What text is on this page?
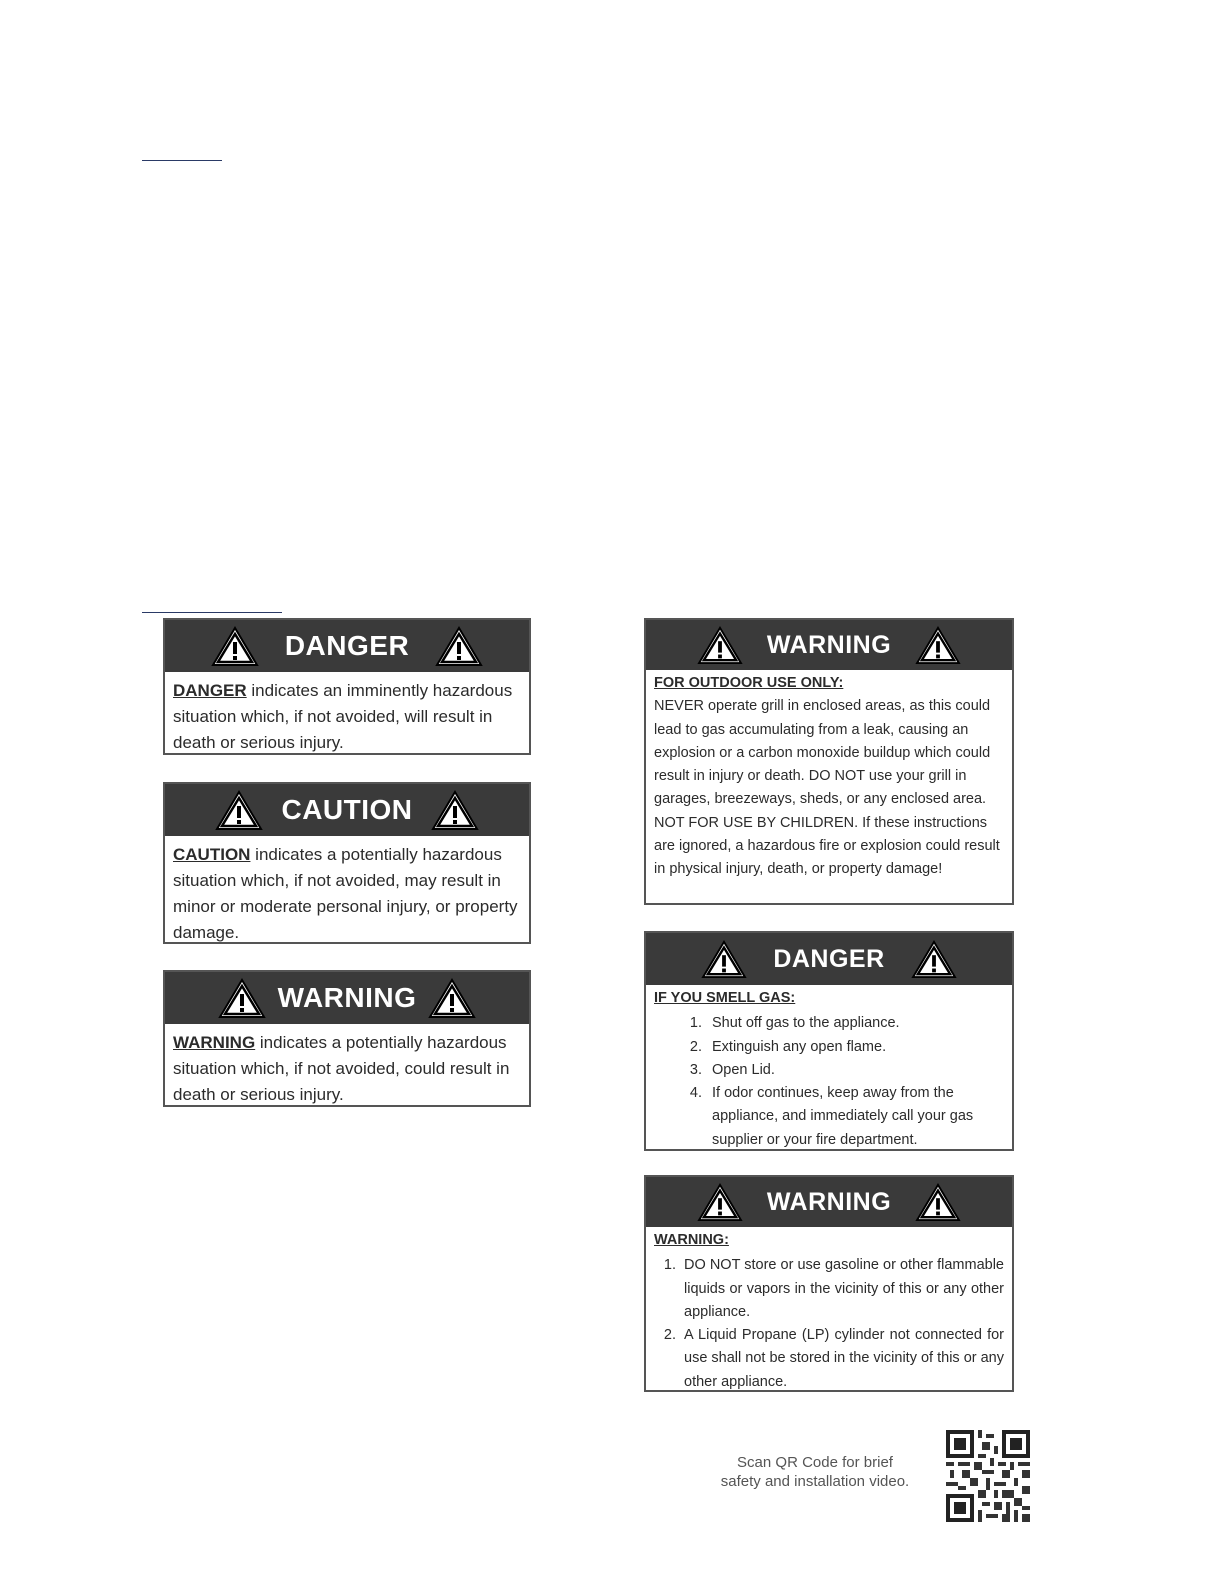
DANGER
DANGER indicates an imminently hazardous situation which, if not avoided, will result in death or serious injury.
CAUTION
CAUTION indicates a potentially hazardous situation which, if not avoided, may result in minor or moderate personal injury, or property damage.
WARNING
WARNING indicates a potentially hazardous situation which, if not avoided, could result in death or serious injury.
WARNING
FOR OUTDOOR USE ONLY:
NEVER operate grill in enclosed areas, as this could lead to gas accumulating from a leak, causing an explosion or a carbon monoxide buildup which could result in injury or death. DO NOT use your grill in garages, breezeways, sheds, or any enclosed area. NOT FOR USE BY CHILDREN. If these instructions are ignored, a hazardous fire or explosion could result in physical injury, death, or property damage!
DANGER
IF YOU SMELL GAS:
1. Shut off gas to the appliance.
2. Extinguish any open flame.
3. Open Lid.
4. If odor continues, keep away from the appliance, and immediately call your gas supplier or your fire department.
WARNING
WARNING:
1. DO NOT store or use gasoline or other flammable liquids or vapors in the vicinity of this or any other appliance.
2. A Liquid Propane (LP) cylinder not connected for use shall not be stored in the vicinity of this or any other appliance.
Scan QR Code for brief safety and installation video.
